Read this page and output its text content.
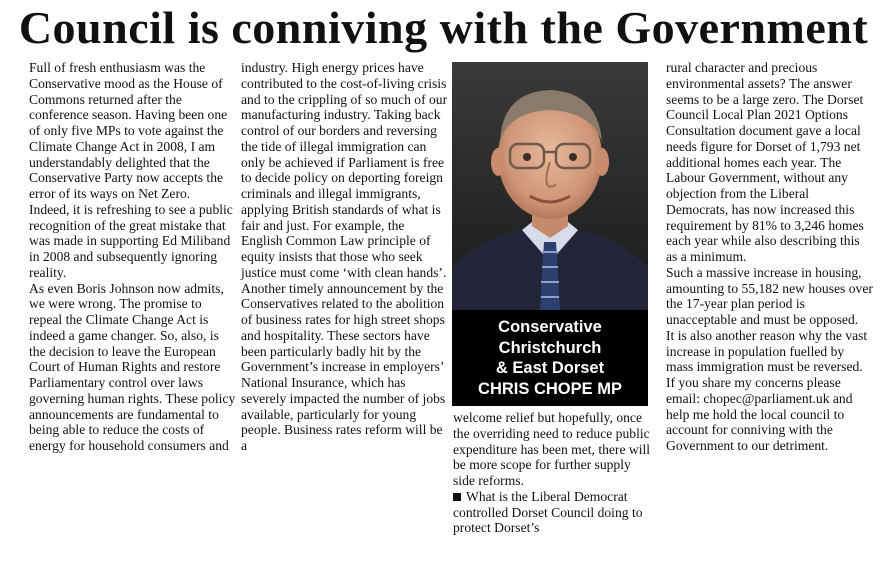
Council is conniving with the Government

Full of fresh enthusiasm was the Conservative mood as the House of Commons returned after the conference season. Having been one of only five MPs to vote against the Climate Change Act in 2008, I am understandably delighted that the Conservative Party now accepts the error of its ways on Net Zero.

Indeed, it is refreshing to see a public recognition of the great mistake that was made in supporting Ed Miliband in 2008 and subsequently ignoring reality.

As even Boris Johnson now admits, we were wrong. The promise to repeal the Climate Change Act is indeed a game changer. So, also, is the decision to leave the European Court of Human Rights and restore Parliamentary control over laws governing human rights. These policy announcements are fundamental to being able to reduce the costs of energy for household consumers and

industry. High energy prices have contributed to the cost-of-living crisis and to the crippling of so much of our manufacturing industry. Taking back control of our borders and reversing the tide of illegal immigration can only be achieved if Parliament is free to decide policy on deporting foreign criminals and illegal immigrants, applying British standards of what is fair and just. For example, the English Common Law principle of equity insists that those who seek justice must come ‘with clean hands’.

Another timely announcement by the Conservatives related to the abolition of business rates for high street shops and hospitality. These sectors have been particularly badly hit by the Government’s increase in employers’ National Insurance, which has severely impacted the number of jobs available, particularly for young people. Business rates reform will be a

Conservative
Christchurch
& East Dorset
CHRIS CHOPE MP

welcome relief but hopefully, once the overriding need to reduce public expenditure has been met, there will be more scope for further supply side reforms.

What is the Liberal Democrat controlled Dorset Council doing to protect Dorset’s

rural character and precious environmental assets? The answer seems to be a large zero. The Dorset Council Local Plan 2021 Options Consultation document gave a local needs figure for Dorset of 1,793 net additional homes each year. The Labour Government, without any objection from the Liberal Democrats, has now increased this requirement by 81% to 3,246 homes each year while also describing this as a minimum.

Such a massive increase in housing, amounting to 55,182 new houses over the 17-year plan period is unacceptable and must be opposed.

It is also another reason why the vast increase in population fuelled by mass immigration must be reversed.

If you share my concerns please email: chopec@parliament.uk and help me hold the local council to account for conniving with the Government to our detriment.
